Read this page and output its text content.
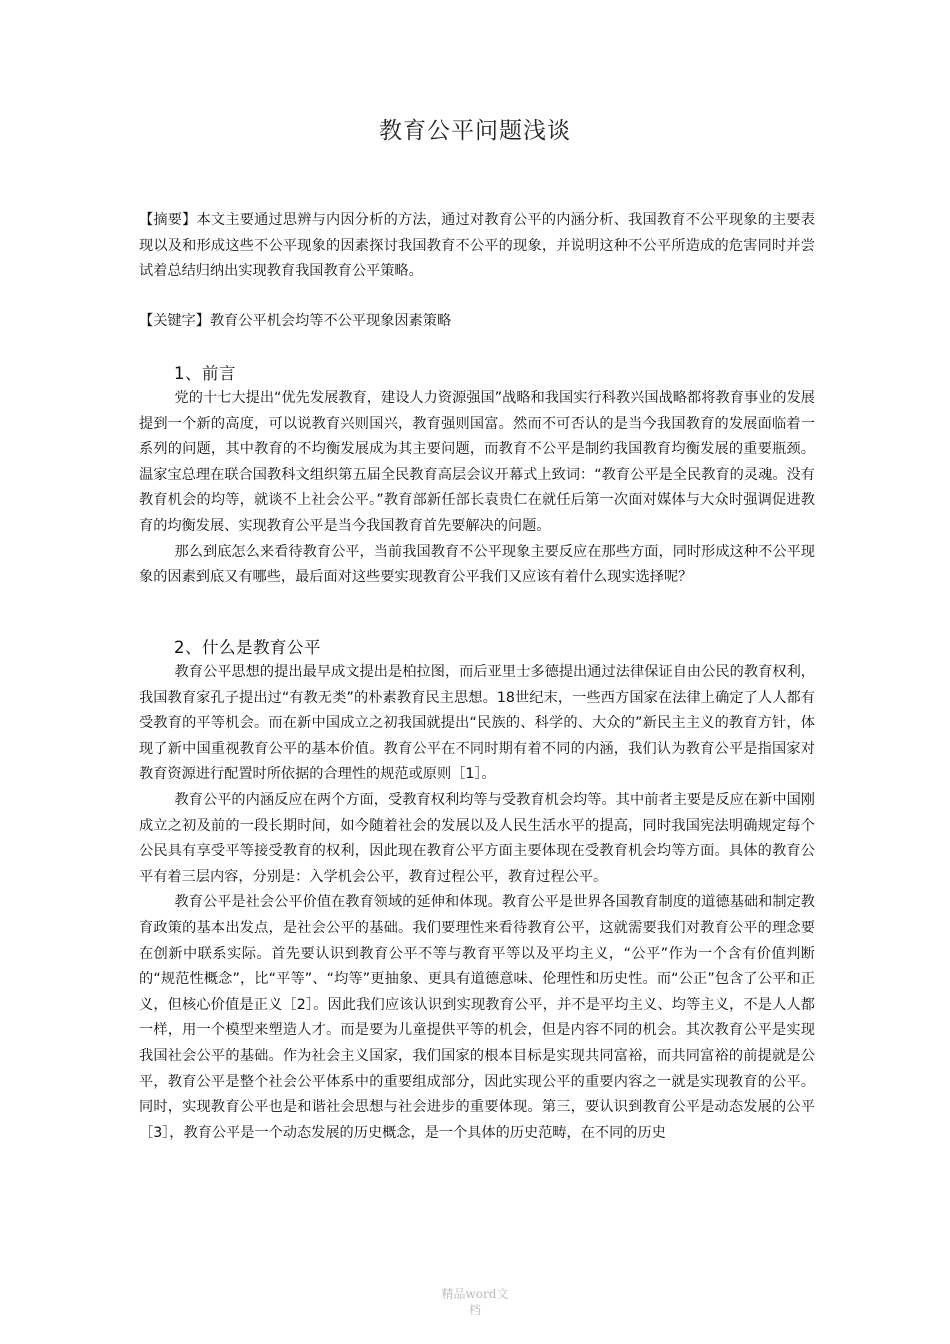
教育公平问题浅谈
【摘要】本文主要通过思辨与内因分析的方法，通过对教育公平的内涵分析、我国教育不公平现象的主要表现以及和形成这些不公平现象的因素探讨我国教育不公平的现象，并说明这种不公平所造成的危害同时并尝试着总结归纳出实现教育我国教育公平策略。
【关键字】教育公平机会均等不公平现象因素策略
1、前言

党的十七大提出“优先发展教育，建设人力资源强国”战略和我国实行科教兴国战略都将教育事业的发展提到一个新的高度，可以说教育兴则国兴，教育强则国富。然而不可否认的是当今我国教育的发展面临着一系列的问题，其中教育的不均衡发展成为其主要问题，而教育不公平是制约我国教育均衡发展的重要瓶颈。温家宝总理在联合国教科文组织第五届全民教育高层会议开幕式上致词：“教育公平是全民教育的灵魂。没有教育机会的均等，就谈不上社会公平。”教育部新任部长袁贵仁在就任后第一次面对媒体与大众时强调促进教育的均衡发展、实现教育公平是当今我国教育首先要解决的问题。

那么到底怎么来看待教育公平，当前我国教育不公平现象主要反应在那些方面，同时形成这种不公平现象的因素到底又有哪些，最后面对这些要实现教育公平我们又应该有着什么现实选择呢？

2、什么是教育公平

教育公平思想的提出最早成文提出是柏拉图，而后亚里士多德提出通过法律保证自由公民的教育权利，我国教育家孔子提出过“有教无类”的朴素教育民主思想。18世纪末，一些西方国家在法律上确定了人人都有受教育的平等机会。而在新中国成立之初我国就提出“民族的、科学的、大众的”新民主主义的教育方针，体现了新中国重视教育公平的基本价值。教育公平在不同时期有着不同的内涵，我们认为教育公平是指国家对教育资源进行配置时所依据的合理性的规范或原则［1］。

教育公平的内涵反应在两个方面，受教育权利均等与受教育机会均等。其中前者主要是反应在新中国刚成立之初及前的一段长期时间，如今随着社会的发展以及人民生活水平的提高，同时我国宪法明确规定每个公民具有享受平等接受教育的权利，因此现在教育公平方面主要体现在受教育机会均等方面。具体的教育公平有着三层内容，分别是：入学机会公平，教育过程公平，教育过程公平。

教育公平是社会公平价值在教育领域的延伸和体现。教育公平是世界各国教育制度的道德基础和制定教育政策的基本出发点，是社会公平的基础。我们要理性来看待教育公平，这就需要我们对教育公平的理念要在创新中联系实际。首先要认识到教育公平不等与教育平等以及平均主义，“公平”作为一个含有价值判断的“规范性概念”，比“平等”、“均等”更抽象、更具有道德意味、伦理性和历史性。而“公正”包含了公平和正义，但核心价值是正义［2］。因此我们应该认识到实现教育公平，并不是平均主义、均等主义，不是人人都一样，用一个模型来塑造人才。而是要为儿童提供平等的机会，但是内容不同的机会。其次教育公平是实现我国社会公平的基础。作为社会主义国家，我们国家的根本目标是实现共同富裕，而共同富裕的前提就是公平，教育公平是整个社会公平体系中的重要组成部分，因此实现公平的重要内容之一就是实现教育的公平。同时，实现教育公平也是和谐社会思想与社会进步的重要体现。第三，要认识到教育公平是动态发展的公平［3］，教育公平是一个动态发展的历史概念，是一个具体的历史范畴，在不同的历史

精品word文
档
